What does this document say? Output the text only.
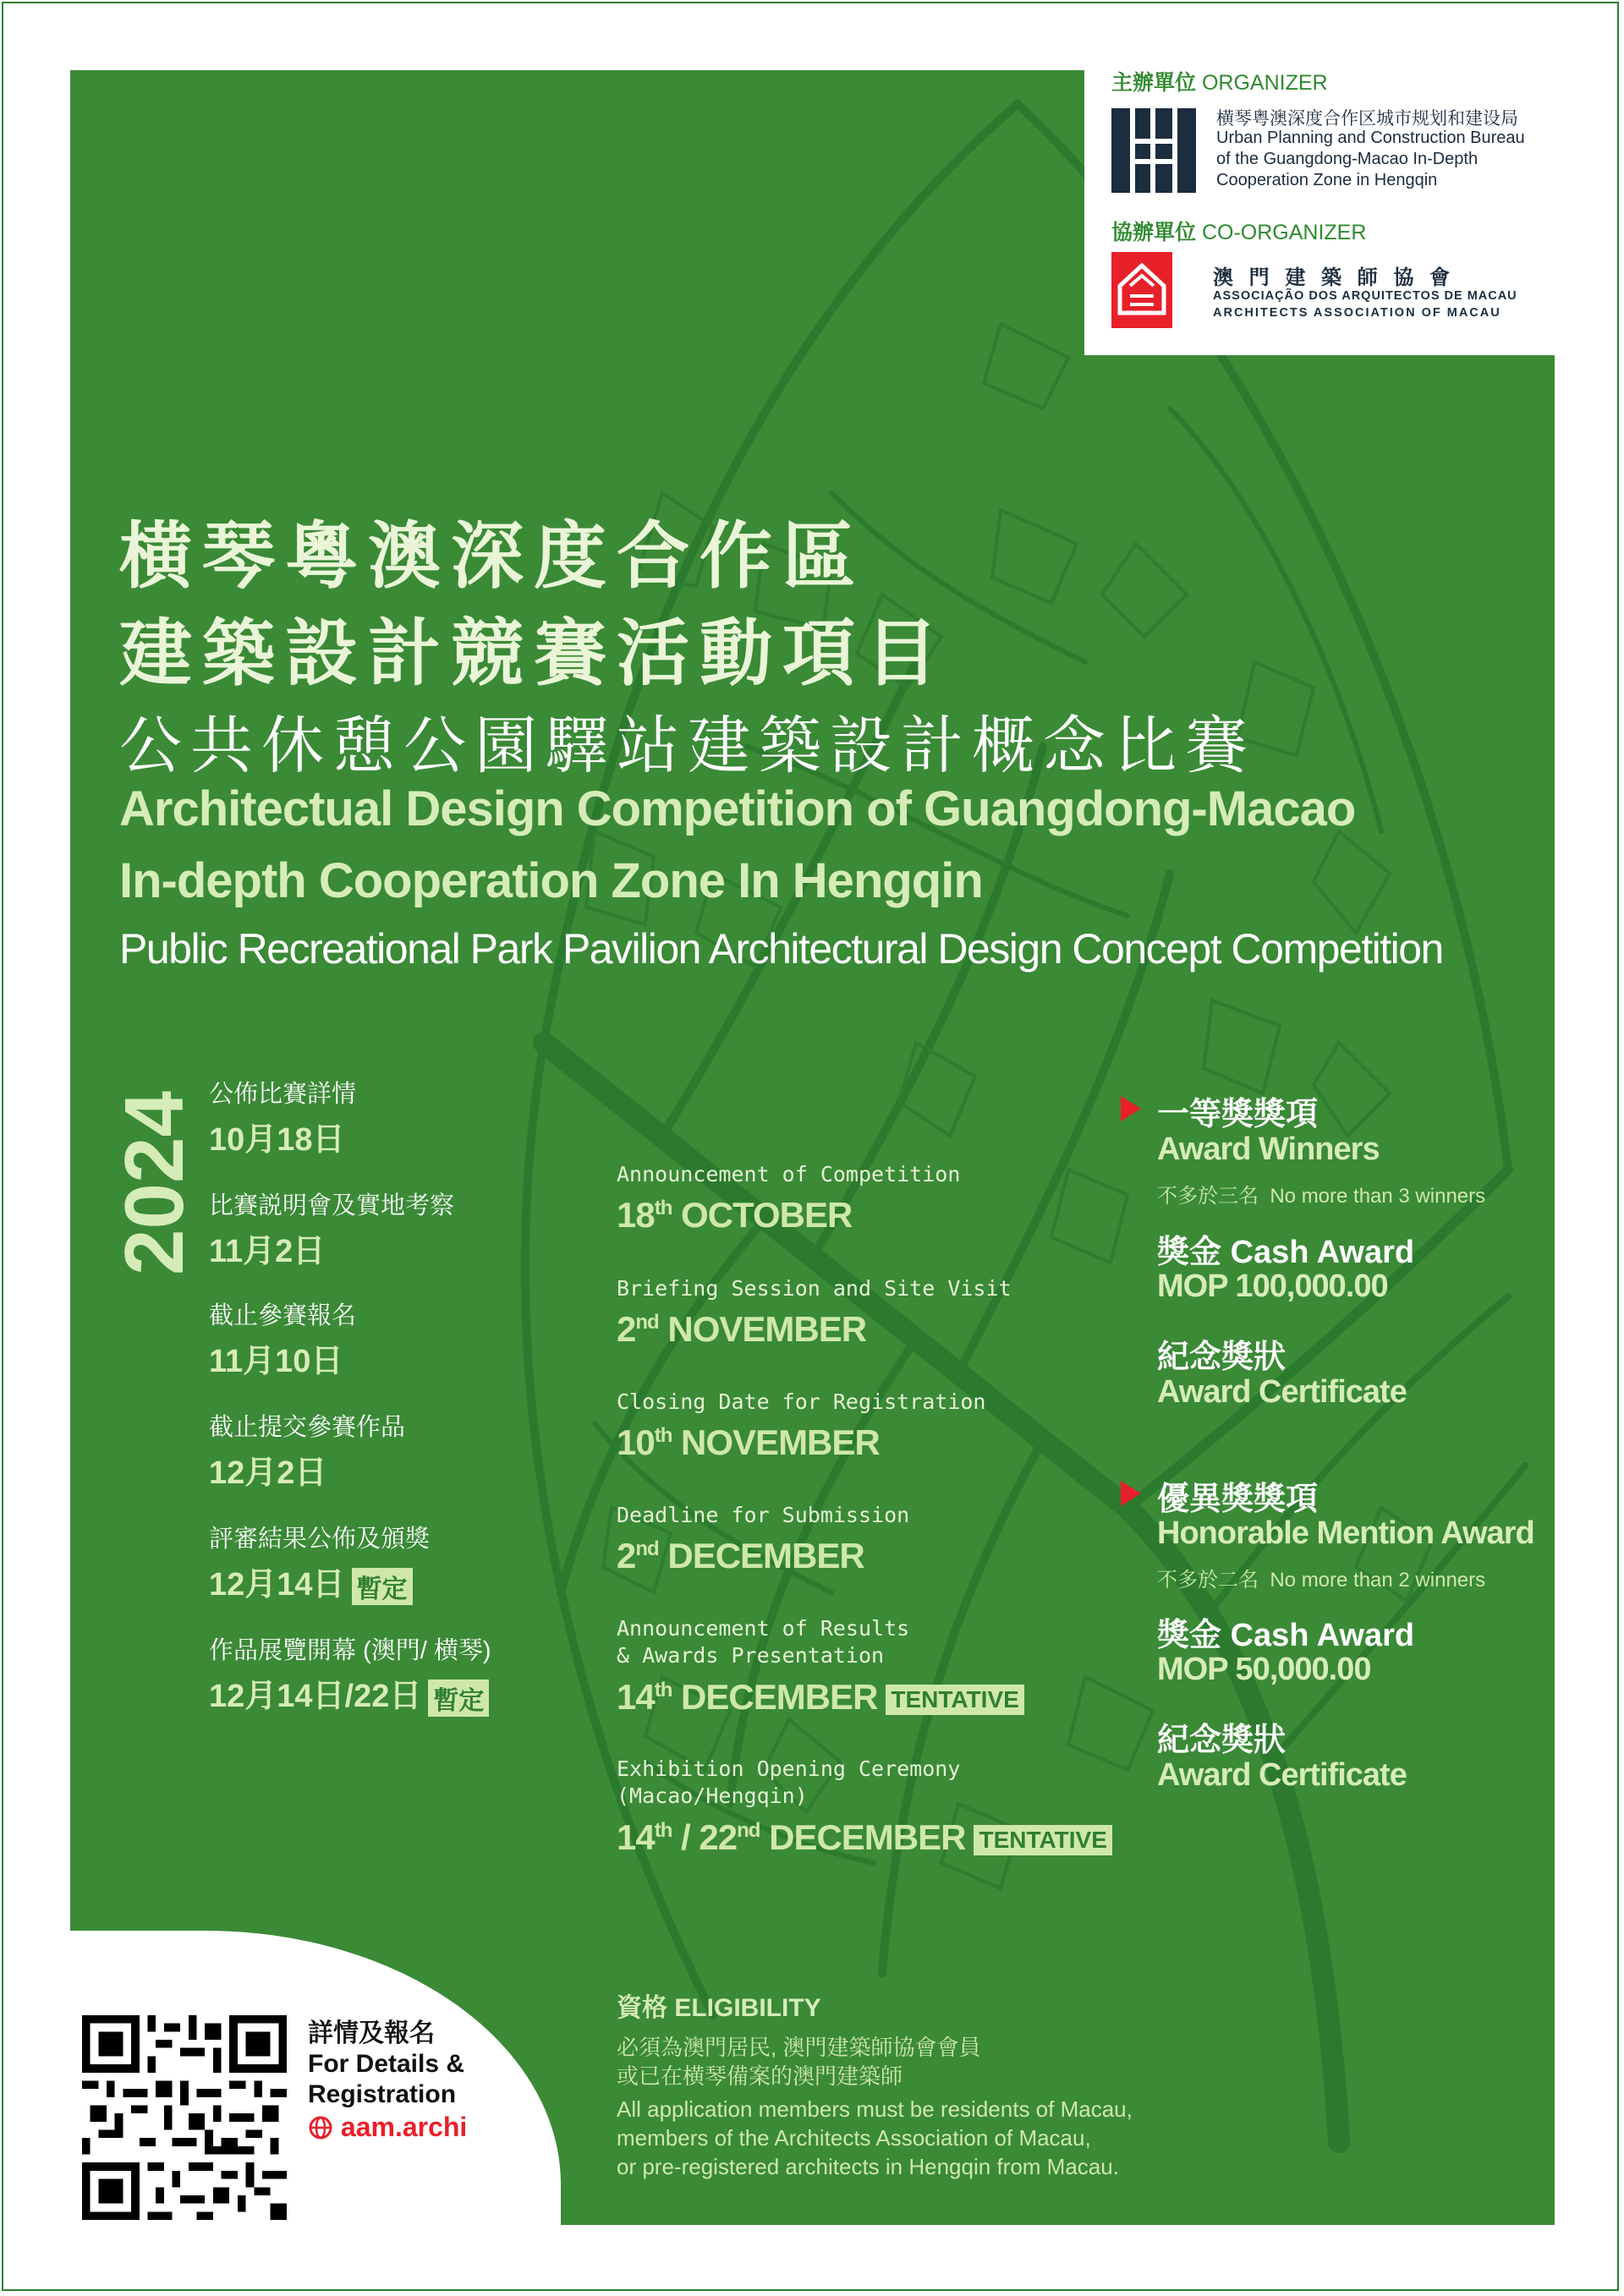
横琴粵澳深度合作區
建築設計競賽活動項目
公共休憩公園驛站建築設計概念比賽
Architectual Design Competition of Guangdong-Macao
In-depth Cooperation Zone In Hengqin
Public Recreational Park Pavilion Architectural Design Concept Competition
2024 公佈比賽詳情
10月18日
比賽説明會及實地考察
11月2日
截止參賽報名
11月10日
截止提交參賽作品
12月2日
評審結果公佈及頒獎
12月14日 暫定
作品展覽開幕 (澳門/ 横琴)
12月14日/22日 暫定
Announcement of Competition
18th OCTOBER
Briefing Session and Site Visit
2nd NOVEMBER
Closing Date for Registration
10th NOVEMBER
Deadline for Submission
2nd DECEMBER
Announcement of Results
& Awards Presentation
14th DECEMBER TENTATIVE
Exhibition Opening Ceremony
(Macao/Hengqin)
14th / 22nd DECEMBER TENTATIVE
一等獎獎項
Award Winners
不多於三名 No more than 3 winners
獎金 Cash Award
MOP 100,000.00
紀念獎狀
Award Certificate
優異獎獎項
Honorable Mention Award
不多於二名 No more than 2 winners
獎金 Cash Award
MOP 50,000.00
紀念獎狀
Award Certificate
資格 ELIGIBILITY
必須為澳門居民, 澳門建築師協會會員
或已在横琴備案的澳門建築師
All application members must be residents of Macau,
members of the Architects Association of Macau,
or pre-registered architects in Hengqin from Macau.
詳情及報名
For Details &
Registration
aam.archi
主辦單位 ORGANIZER
横琴粤澳深度合作区城市规划和建设局
Urban Planning and Construction Bureau
of the Guangdong-Macao In-Depth
Cooperation Zone in Hengqin
協辦單位 CO-ORGANIZER
澳 門 建 築 師 協 會
ASSOCIAÇÃO DOS ARQUITECTOS DE MACAU
ARCHITECTS ASSOCIATION OF MACAU
